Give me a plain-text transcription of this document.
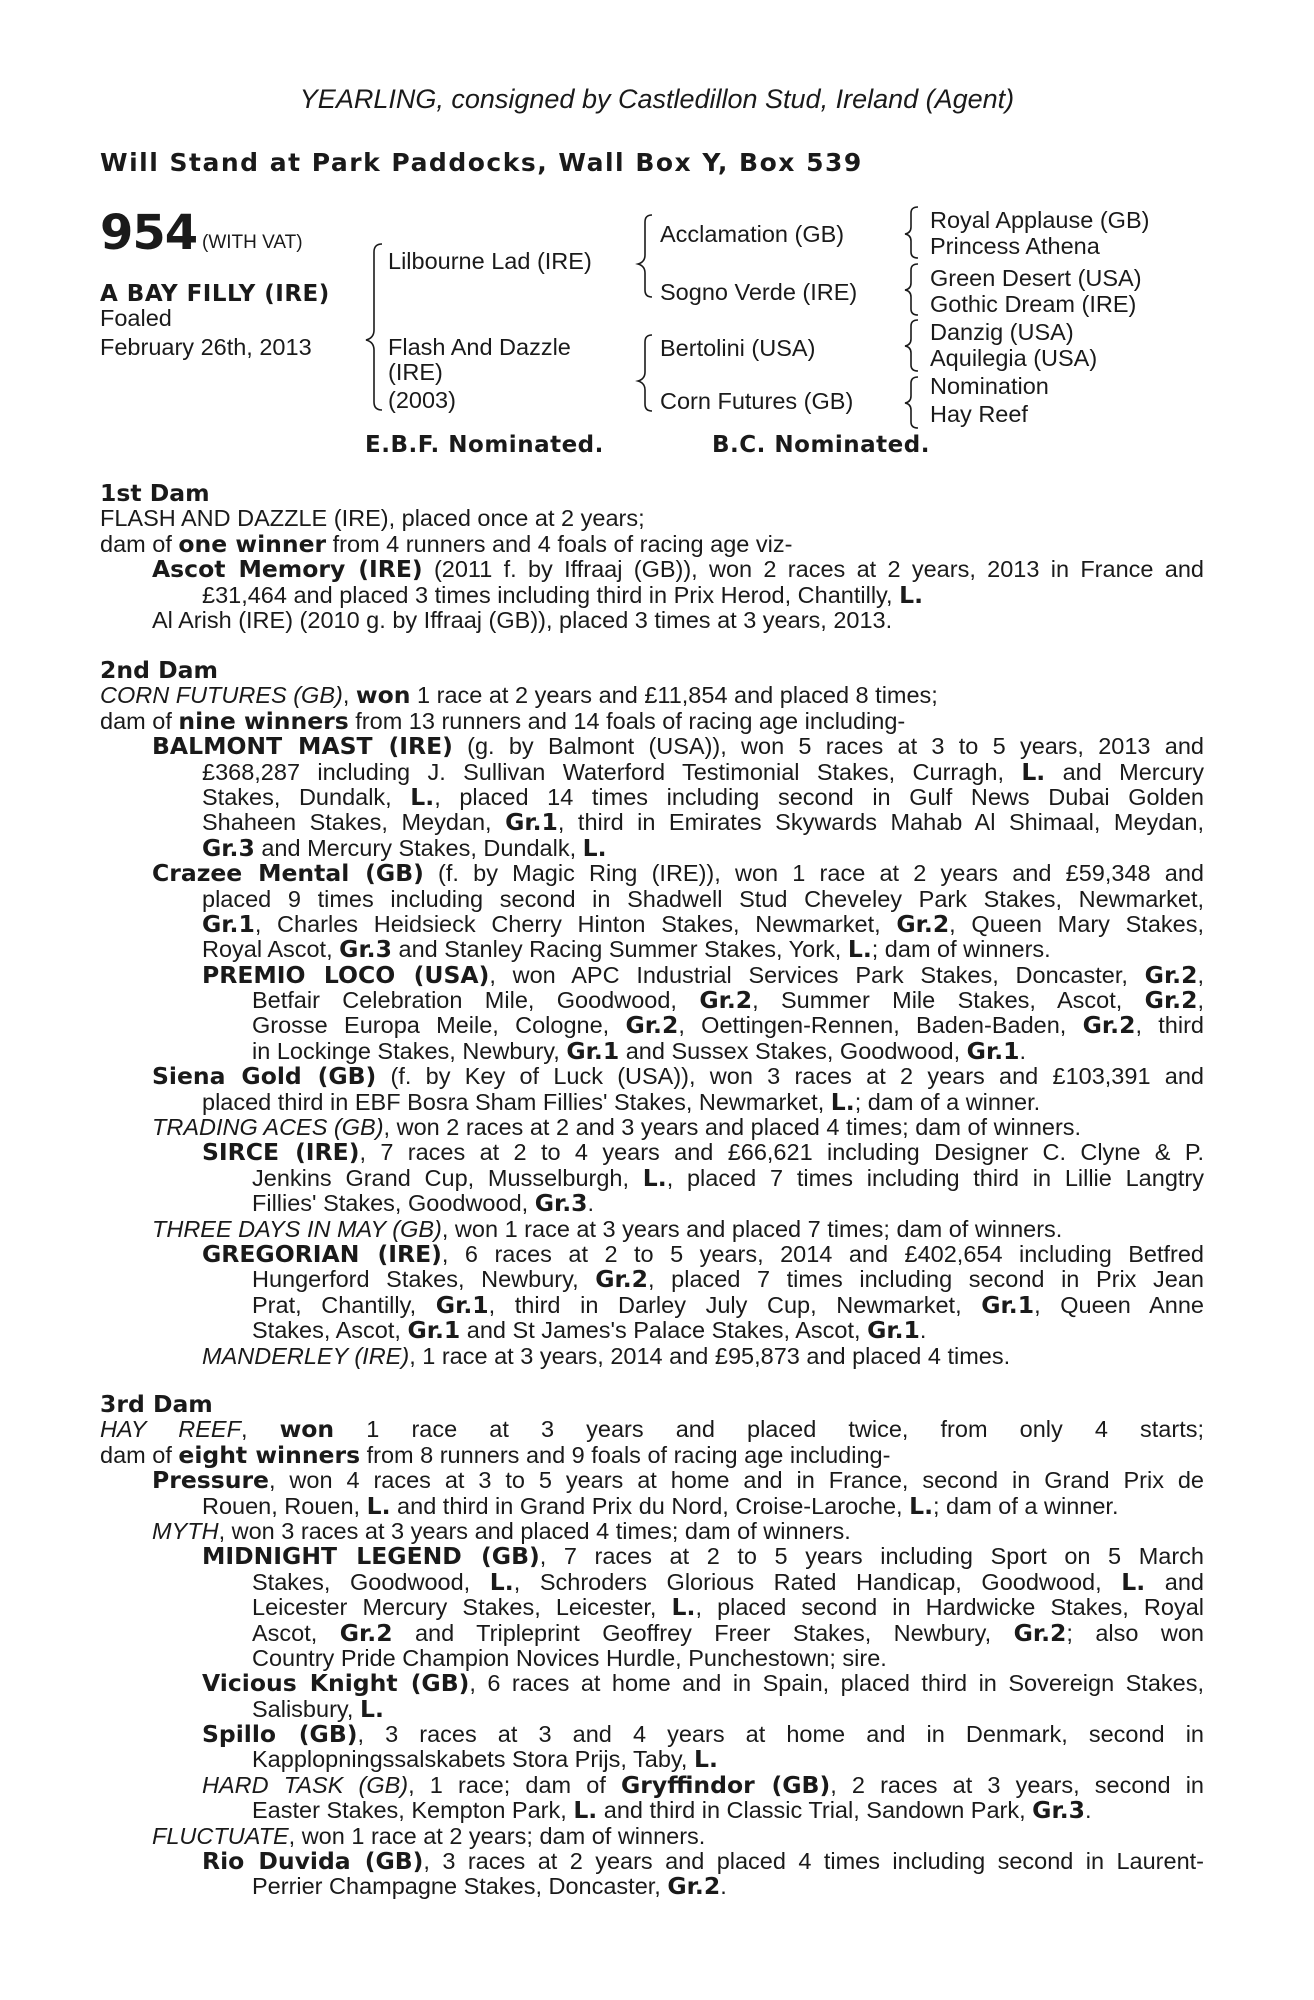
YEARLING, consigned by Castledillon Stud, Ireland (Agent)
Will Stand at Park Paddocks, Wall Box Y, Box 539
954 (WITH VAT)
A BAY FILLY (IRE)
Foaled
February 26th, 2013
Lilbourne Lad (IRE)
Flash And Dazzle
(IRE)
(2003)
Acclamation (GB)
Sogno Verde (IRE)
Bertolini (USA)
Corn Futures (GB)
Royal Applause (GB)
Princess Athena
Green Desert (USA)
Gothic Dream (IRE)
Danzig (USA)
Aquilegia (USA)
Nomination
Hay Reef
E.B.F. Nominated.	B.C. Nominated.
1st Dam
FLASH AND DAZZLE (IRE), placed once at 2 years;
dam of one winner from 4 runners and 4 foals of racing age viz-
Ascot Memory (IRE) (2011 f. by Iffraaj (GB)), won 2 races at 2 years, 2013 in France and
£31,464 and placed 3 times including third in Prix Herod, Chantilly, L.
Al Arish (IRE) (2010 g. by Iffraaj (GB)), placed 3 times at 3 years, 2013.
2nd Dam
CORN FUTURES (GB), won 1 race at 2 years and £11,854 and placed 8 times;
dam of nine winners from 13 runners and 14 foals of racing age including-
BALMONT MAST (IRE) (g. by Balmont (USA)), won 5 races at 3 to 5 years, 2013 and
£368,287 including J. Sullivan Waterford Testimonial Stakes, Curragh, L. and Mercury
Stakes, Dundalk, L., placed 14 times including second in Gulf News Dubai Golden
Shaheen Stakes, Meydan, Gr.1, third in Emirates Skywards Mahab Al Shimaal, Meydan,
Gr.3 and Mercury Stakes, Dundalk, L.
Crazee Mental (GB) (f. by Magic Ring (IRE)), won 1 race at 2 years and £59,348 and
placed 9 times including second in Shadwell Stud Cheveley Park Stakes, Newmarket,
Gr.1, Charles Heidsieck Cherry Hinton Stakes, Newmarket, Gr.2, Queen Mary Stakes,
Royal Ascot, Gr.3 and Stanley Racing Summer Stakes, York, L.; dam of winners.
PREMIO LOCO (USA), won APC Industrial Services Park Stakes, Doncaster, Gr.2,
Betfair Celebration Mile, Goodwood, Gr.2, Summer Mile Stakes, Ascot, Gr.2,
Grosse Europa Meile, Cologne, Gr.2, Oettingen-Rennen, Baden-Baden, Gr.2, third
in Lockinge Stakes, Newbury, Gr.1 and Sussex Stakes, Goodwood, Gr.1.
Siena Gold (GB) (f. by Key of Luck (USA)), won 3 races at 2 years and £103,391 and
placed third in EBF Bosra Sham Fillies' Stakes, Newmarket, L.; dam of a winner.
TRADING ACES (GB), won 2 races at 2 and 3 years and placed 4 times; dam of winners.
SIRCE (IRE), 7 races at 2 to 4 years and £66,621 including Designer C. Clyne & P.
Jenkins Grand Cup, Musselburgh, L., placed 7 times including third in Lillie Langtry
Fillies' Stakes, Goodwood, Gr.3.
THREE DAYS IN MAY (GB), won 1 race at 3 years and placed 7 times; dam of winners.
GREGORIAN (IRE), 6 races at 2 to 5 years, 2014 and £402,654 including Betfred
Hungerford Stakes, Newbury, Gr.2, placed 7 times including second in Prix Jean
Prat, Chantilly, Gr.1, third in Darley July Cup, Newmarket, Gr.1, Queen Anne
Stakes, Ascot, Gr.1 and St James's Palace Stakes, Ascot, Gr.1.
MANDERLEY (IRE), 1 race at 3 years, 2014 and £95,873 and placed 4 times.
3rd Dam
HAY REEF, won 1 race at 3 years and placed twice, from only 4 starts;
dam of eight winners from 8 runners and 9 foals of racing age including-
Pressure, won 4 races at 3 to 5 years at home and in France, second in Grand Prix de
Rouen, Rouen, L. and third in Grand Prix du Nord, Croise-Laroche, L.; dam of a winner.
MYTH, won 3 races at 3 years and placed 4 times; dam of winners.
MIDNIGHT LEGEND (GB), 7 races at 2 to 5 years including Sport on 5 March
Stakes, Goodwood, L., Schroders Glorious Rated Handicap, Goodwood, L. and
Leicester Mercury Stakes, Leicester, L., placed second in Hardwicke Stakes, Royal
Ascot, Gr.2 and Tripleprint Geoffrey Freer Stakes, Newbury, Gr.2; also won
Country Pride Champion Novices Hurdle, Punchestown; sire.
Vicious Knight (GB), 6 races at home and in Spain, placed third in Sovereign Stakes,
Salisbury, L.
Spillo (GB), 3 races at 3 and 4 years at home and in Denmark, second in
Kapplopningssalskabets Stora Prijs, Taby, L.
HARD TASK (GB), 1 race; dam of Gryffindor (GB), 2 races at 3 years, second in
Easter Stakes, Kempton Park, L. and third in Classic Trial, Sandown Park, Gr.3.
FLUCTUATE, won 1 race at 2 years; dam of winners.
Rio Duvida (GB), 3 races at 2 years and placed 4 times including second in Laurent-
Perrier Champagne Stakes, Doncaster, Gr.2.
